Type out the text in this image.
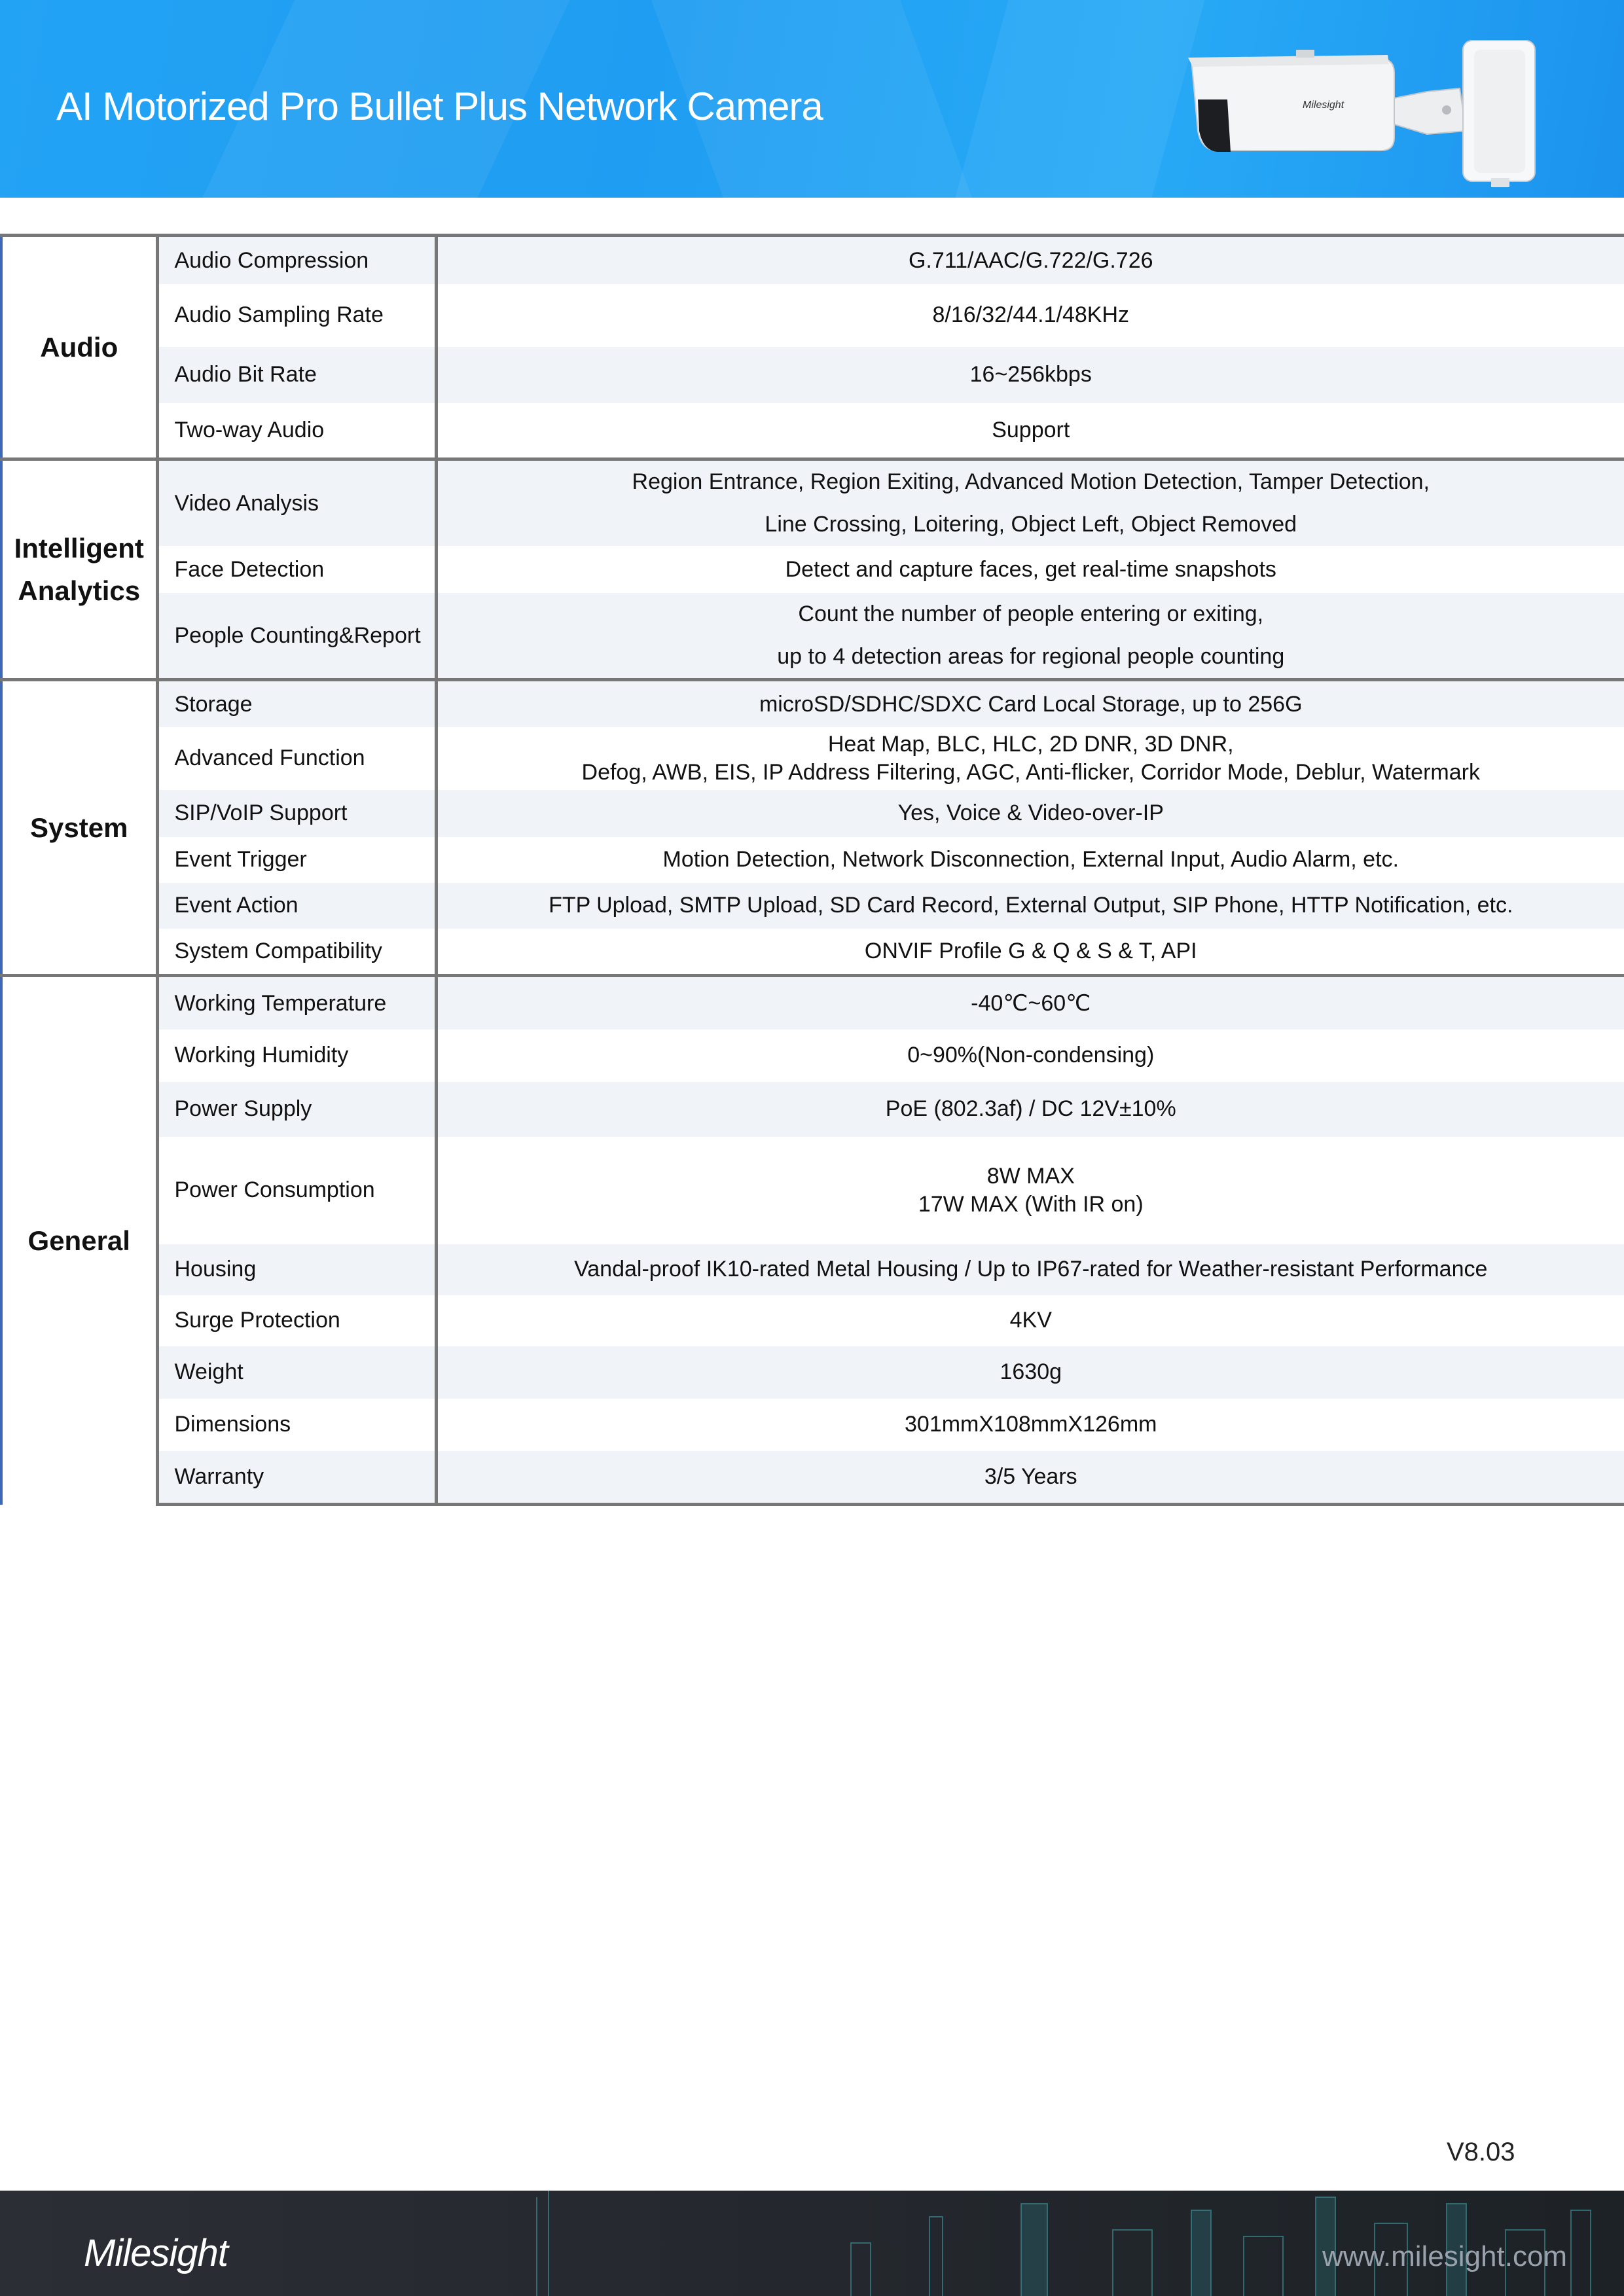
AI Motorized Pro Bullet Plus Network Camera	Milesight
Audio	Audio Compression	G.711/AAC/G.722/G.726

	Audio Sampling Rate	8/16/32/44.1/48KHz

	Audio Bit Rate	16~256kbps

	Two-way Audio	Support

Intelligent
Analytics	Video Analysis	Region Entrance, Region Exiting, Advanced Motion Detection, Tamper Detection,
Line Crossing, Loitering, Object Left, Object Removed

	Face Detection	Detect and capture faces, get real-time snapshots

	People Counting&Report	Count the number of people entering or exiting,
up to 4 detection areas for regional people counting

System	Storage	microSD/SDHC/SDXC Card Local Storage, up to 256G

	Advanced Function	Heat Map, BLC, HLC, 2D DNR, 3D DNR,
Defog, AWB, EIS, IP Address Filtering, AGC, Anti-flicker, Corridor Mode, Deblur, Watermark

	SIP/VoIP Support	Yes, Voice & Video-over-IP

	Event Trigger	Motion Detection, Network Disconnection, External Input, Audio Alarm, etc.

	Event Action	FTP Upload, SMTP Upload, SD Card Record, External Output, SIP Phone, HTTP Notification, etc.

	System Compatibility	ONVIF Profile G & Q & S & T, API

General	Working Temperature	-40℃~60℃

	Working Humidity	0~90%(Non-condensing)

	Power Supply	PoE (802.3af) / DC 12V±10%

	Power Consumption	8W MAX
17W MAX (With IR on)

	Housing	Vandal-proof IK10-rated Metal Housing / Up to IP67-rated for Weather-resistant Performance

	Surge Protection	4KV

	Weight	1630g

	Dimensions	301mmX108mmX126mm

	Warranty	3/5 Years
V8.03
Milesight	www.milesight.com
